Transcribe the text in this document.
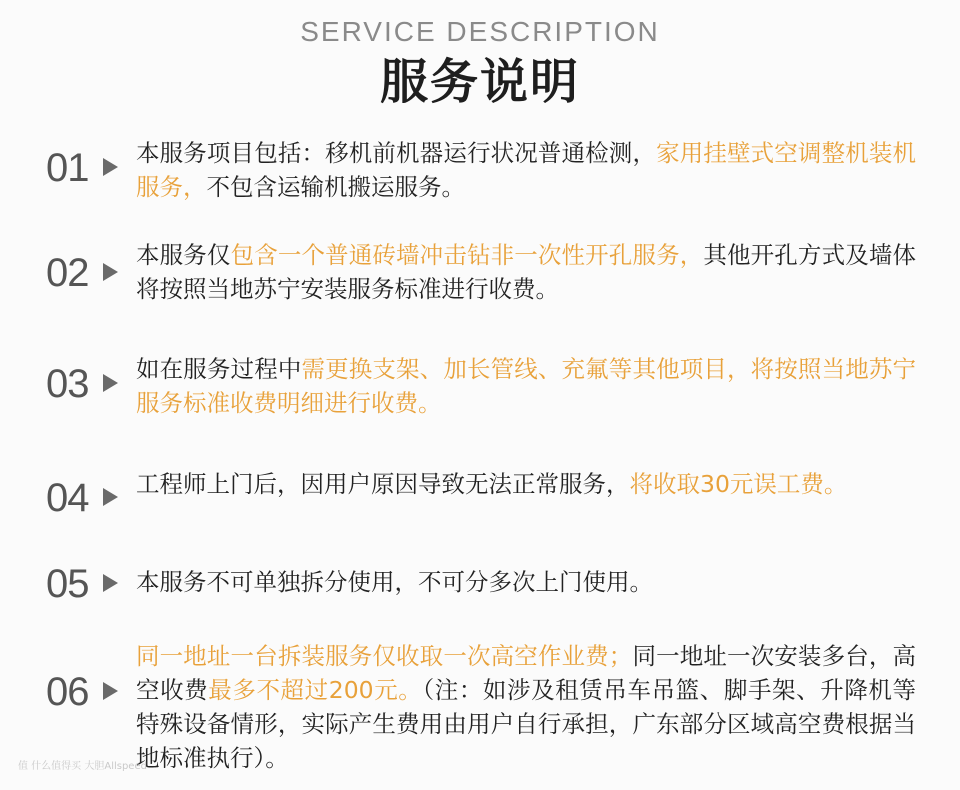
SERVICE DESCRIPTION
服务说明
01	本服务项目包括：移机前机器运行状况普通检测，家用挂壁式空调整机装机服务，不包含运输机搬运服务。
02	本服务仅包含一个普通砖墙冲击钻非一次性开孔服务，其他开孔方式及墙体将按照当地苏宁安装服务标准进行收费。
03	如在服务过程中需更换支架、加长管线、充氟等其他项目，将按照当地苏宁服务标准收费明细进行收费。
04	工程师上门后，因用户原因导致无法正常服务，将收取30元误工费。
05	本服务不可单独拆分使用，不可分多次上门使用。
06
同一地址一台拆装服务仅收取一次高空作业费；同一地址一次安装多台，高空收费最多不超过200元。（注：如涉及租赁吊车吊篮、脚手架、升降机等特殊设备情形，实际产生费用由用户自行承担，广东部分区域高空费根据当地标准执行）。
值 什么值得买 大胆Allspeed
